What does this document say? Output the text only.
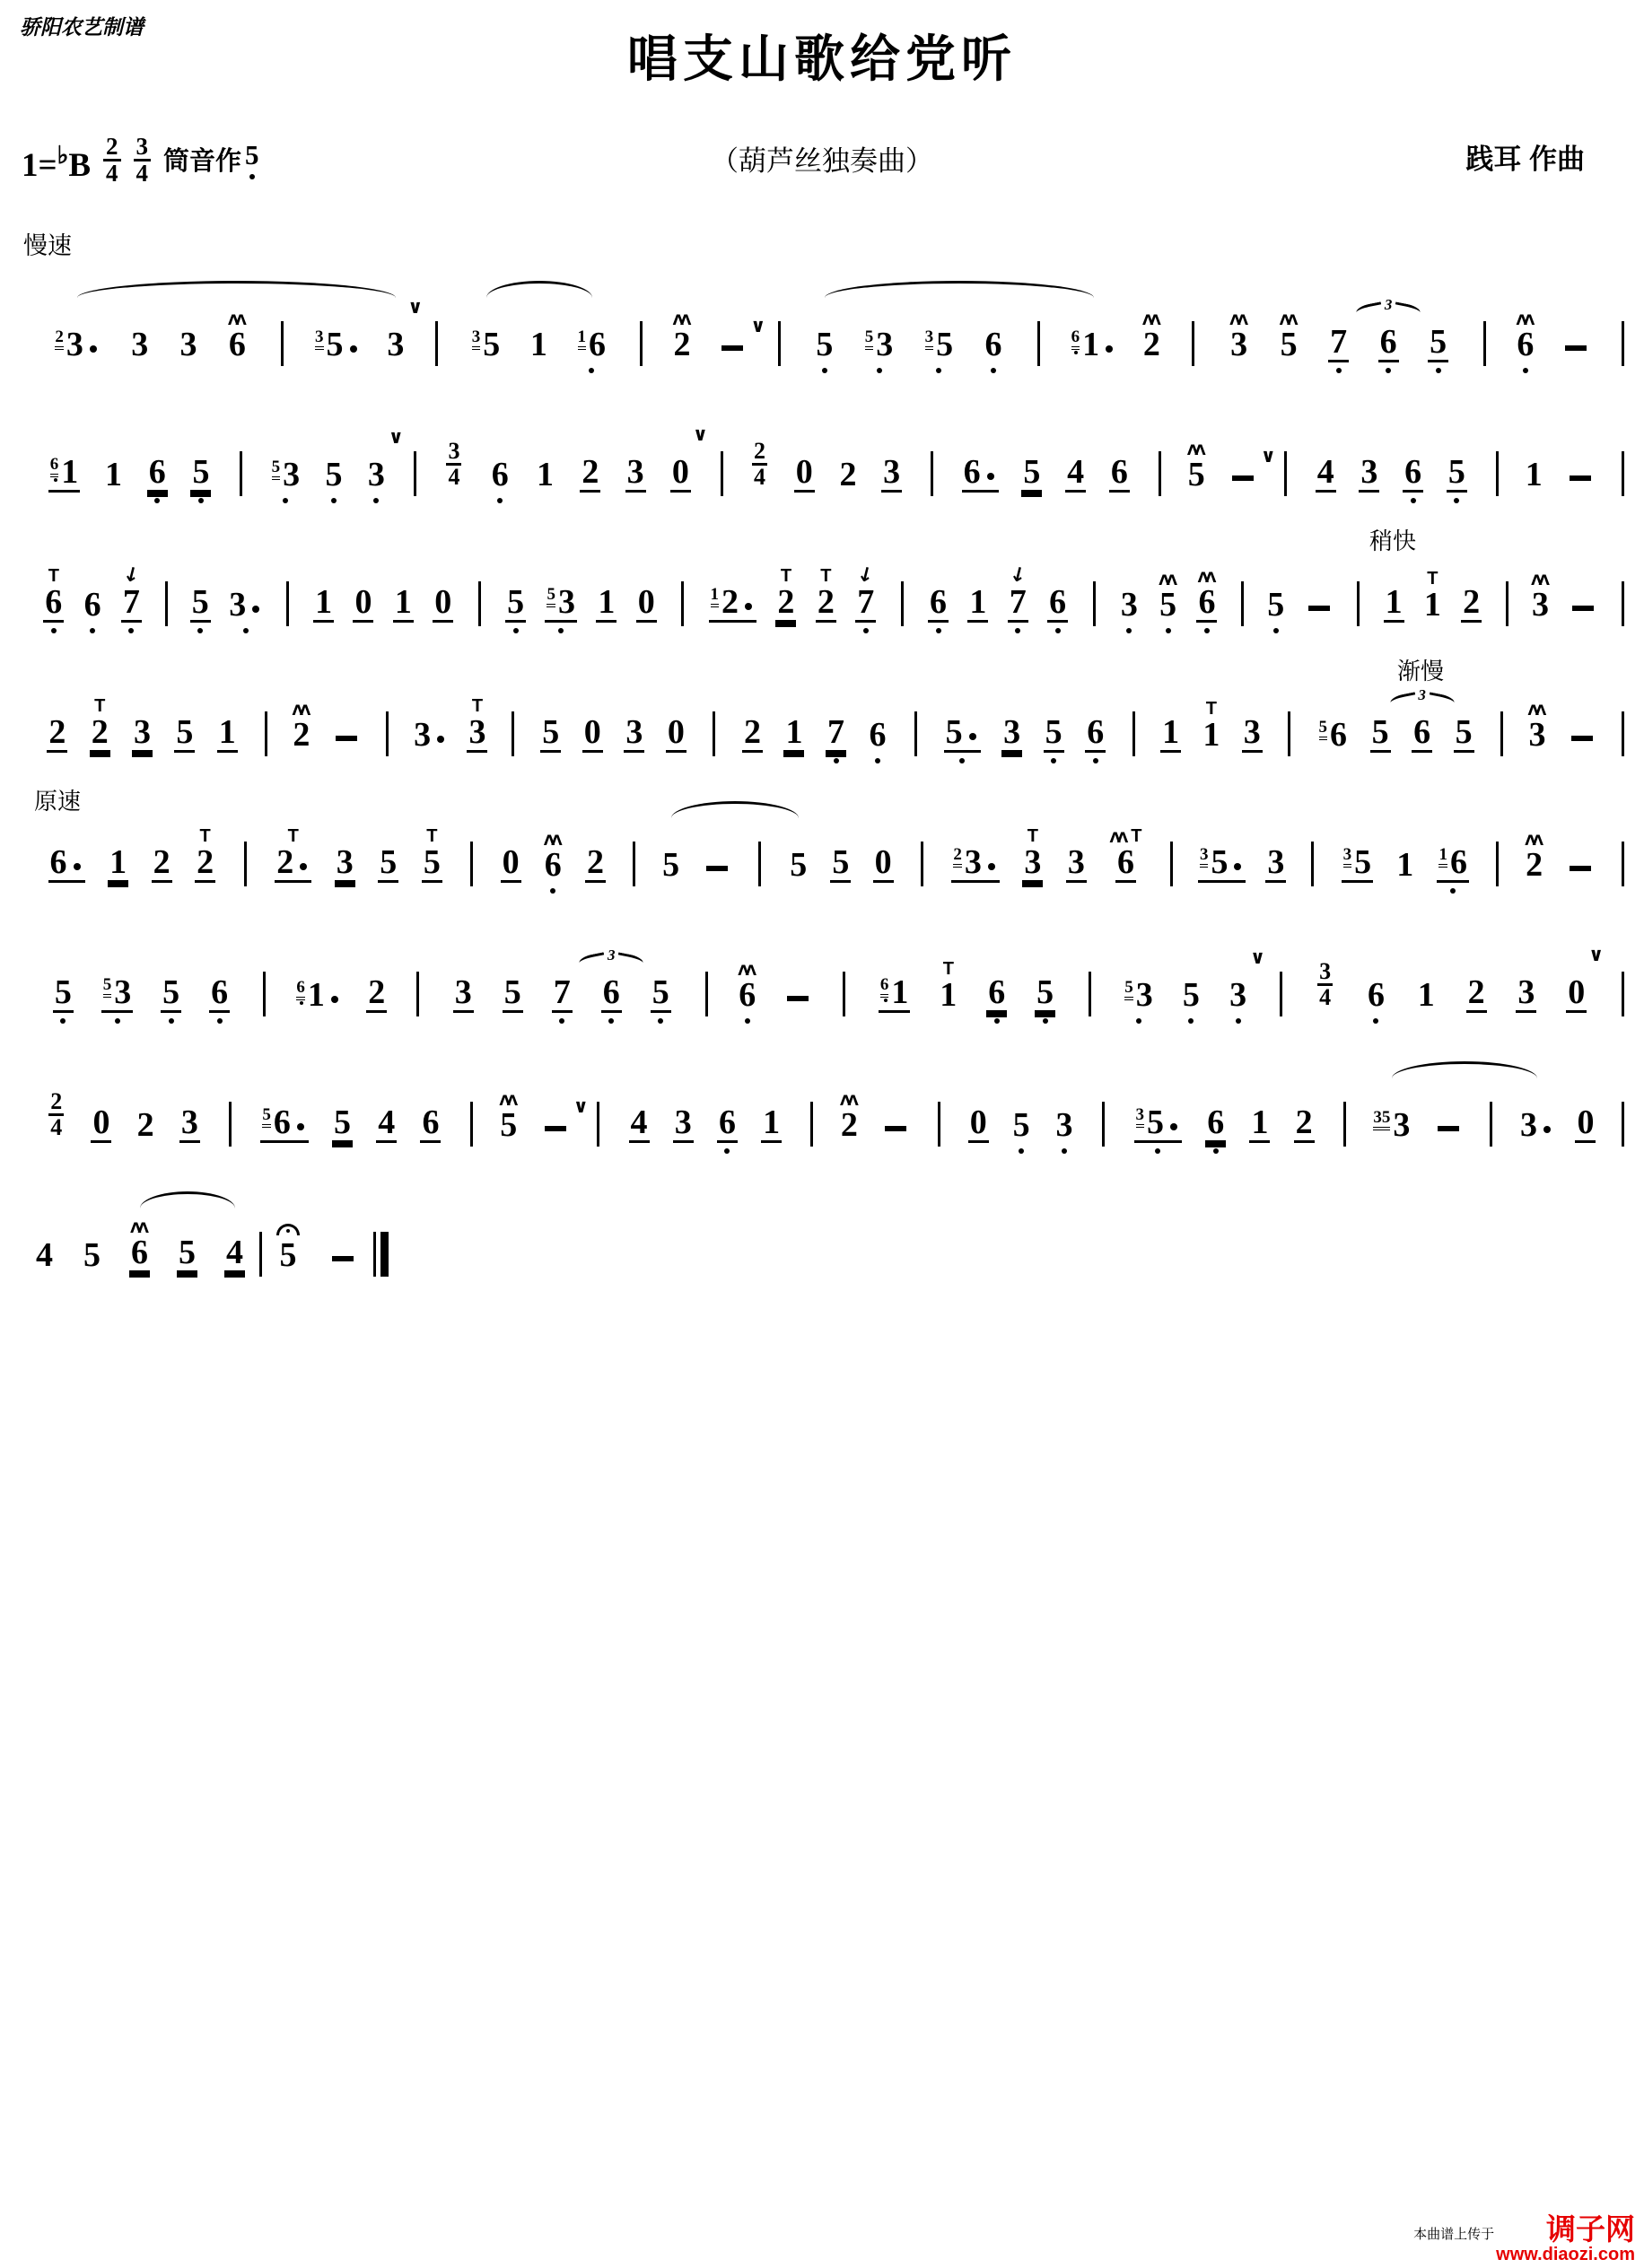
骄阳农艺制谱
唱支山歌给党听
1=♭B
2
4
3
4 筒音作 5	（葫芦丝独奏曲）	践耳 作曲
慢速
2 3 3 3
ΛΛ
6	3 5 3
∨
3 5 1 1 6
ΛΛ
2	∨ 5 5 3 3 5 6	6 1
ΛΛ
2
ΛΛ
3
ΛΛ
5 7
3
6 5
ΛΛ
6
6 1 1 6 5	5 3 5 3
∨
$\frac{3}{4} 6$ 1 2 3 0
∨
$\frac{2}{4} 0$ 2 3 6 5 4 6
ΛΛ
5	∨ 4 3 6 5 1
T
6 6
↓
7 5 3 1 0 1 0 5 5 3 1 0	1 2
T
2
T
2
↓
7 6 1
↓
7 6 3
ΛΛ
5
ΛΛ
6 5	1
T
1 2
ΛΛ
3
稍快
2
T
2 3 5 1
ΛΛ
2	3
T
3 5 0 3 0 2 1 7 6 5 3 5 6 1
T
1 3	5 6 5
3
6 5
ΛΛ
3
渐慢
6 1 2
T
2
T
2 3 5
T
5 0
ΛΛ
6 2 5	5 5 0	2 3
T
3 3
ΛΛ T
6	3 5 3	3 5 1 1 6
ΛΛ
2
原速
5 5 3 5 6	6 1 2 3 5 7
3
6 5
ΛΛ
6	6 1
T
1 6 5	5 3 5 3
∨
$\frac{3}{4} 6$ 1 2 3 0
∨
$\frac{2}{4} 0$ 2 3	5 6 5 4 6
ΛΛ
5	∨ 4 3 6 1
ΛΛ
2	0 5 3	3 5 6 1 2	35 3	3 0
4 5
ΛΛ
6 5 4 5
本曲谱上传于 调子网
www.diaozi.com
